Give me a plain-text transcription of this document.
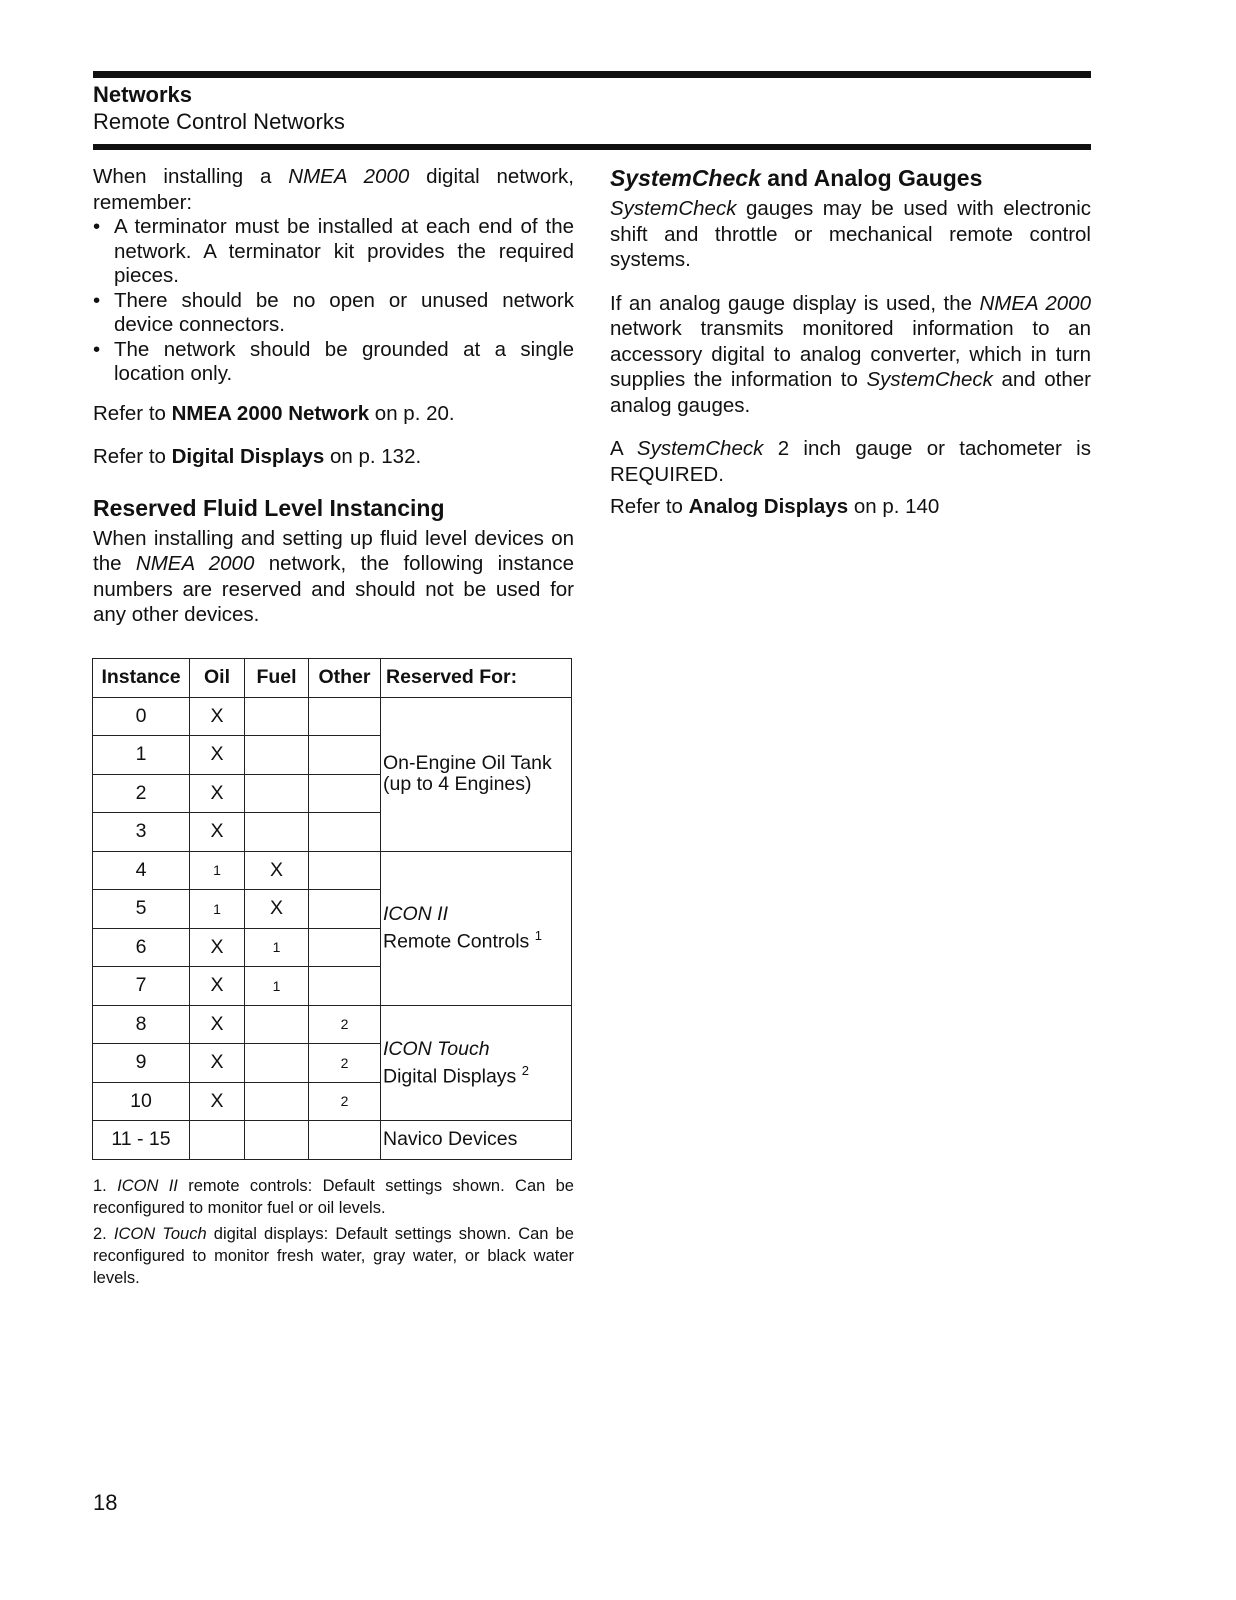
Networks
Remote Control Networks

When installing a NMEA 2000 digital network, remember:

• A terminator must be installed at each end of the network. A terminator kit provides the required pieces.
• There should be no open or unused network device connectors.
• The network should be grounded at a single location only.

Refer to NMEA 2000 Network on p. 20.

Refer to Digital Displays on p. 132.

Reserved Fluid Level Instancing

When installing and setting up fluid level devices on the NMEA 2000 network, the following instance numbers are reserved and should not be used for any other devices.

SystemCheck and Analog Gauges

SystemCheck gauges may be used with electronic shift and throttle or mechanical remote control systems.

If an analog gauge display is used, the NMEA 2000 network transmits monitored information to an accessory digital to analog converter, which in turn supplies the information to SystemCheck and other analog gauges.

A SystemCheck 2 inch gauge or tachometer is REQUIRED.

Refer to Analog Displays on p. 140

Instance	Oil	Fuel	Other	Reserved For:
0	X			On-Engine Oil Tank
(up to 4 Engines)
1	X			
2	X			
3	X			
4	1	X		ICON II
Remote Controls $^1$
5	1	X		
6	X	1		
7	X	1		
8	X		2	ICON Touch
Digital Displays $^2$
9	X		2	
10	X		2	
11 - 15				Navico Devices

1. ICON II remote controls: Default settings shown. Can be reconfigured to monitor fuel or oil levels.

2. ICON Touch digital displays: Default settings shown. Can be reconfigured to monitor fresh water, gray water, or black water levels.

18
